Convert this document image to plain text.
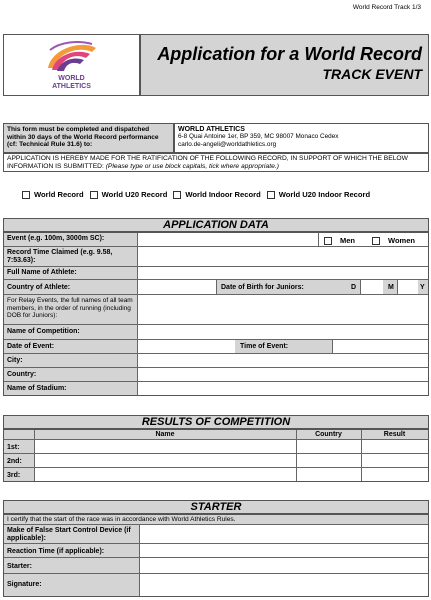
World Record Track 1/3
WORLD
ATHLETICS
Application for a World Record
TRACK EVENT
This form must be completed and dispatched within 30 days of the World Record performance (cf: Technical Rule 31.6) to:
WORLD ATHLETICS
6-8 Quai Antoine 1er, BP 359, MC 98007 Monaco Cedex
carlo.de-angeli@worldathletics.org
APPLICATION IS HEREBY MADE FOR THE RATIFICATION OF THE FOLLOWING RECORD, IN SUPPORT OF WHICH THE BELOW INFORMATION IS SUBMITTED: (Please type or use block capitals, tick where appropriate.)
World Record World U20 Record World Indoor Record World U20 Indoor Record
APPLICATION DATA
Event (e.g. 100m, 3000m SC):	Men	Women
Record Time Claimed (e.g. 9.58, 7:53.63):
Full Name of Athlete:
Country of Athlete:	Date of Birth for Juniors:	D	M	Y
For Relay Events, the full names of all team members, in the order of running (including DOB for Juniors):
Name of Competition:
Date of Event:	Time of Event:
City:
Country:
Name of Stadium:
RESULTS OF COMPETITION
Name	Country	Result
1st:
2nd:
3rd:
STARTER
I certify that the start of the race was in accordance with World Athletics Rules.
Make of False Start Control Device (if applicable):
Reaction Time (if applicable):
Starter:
Signature:
